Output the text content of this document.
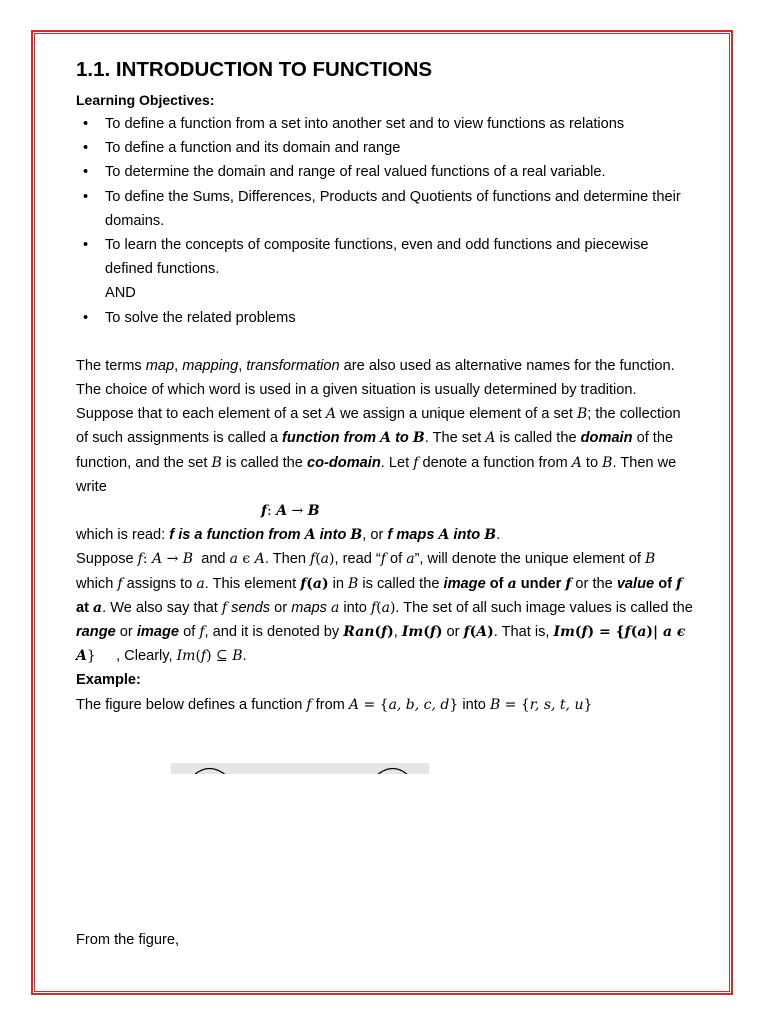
1.1. INTRODUCTION TO FUNCTIONS
Learning Objectives:
• To define a function from a set into another set and to view functions as relations
• To define a function and its domain and range
• To determine the domain and range of real valued functions of a real variable.
• To define the Sums, Differences, Products and Quotients of functions and determine their domains.
• To learn the concepts of composite functions, even and odd functions and piecewise defined functions.
AND
• To solve the related problems

The terms map, mapping, transformation are also used as alternative names for the function. The choice of which word is used in a given situation is usually determined by tradition.

Suppose that to each element of a set A we assign a unique element of a set B; the collection of such assignments is called a function from A to B. The set A is called the domain of the function, and the set B is called the co-domain. Let f denote a function from A to B. Then we write

f: A → B

which is read: f is a function from A into B, or f maps A into B.

Suppose f: A → B  and a ϵ A. Then f(a), read “f of a”, will denote the unique element of B which f assigns to a. This element f(a) in B is called the image of a under f or the value of f at a. We also say that f sends or maps a into f(a). The set of all such image values is called the range or image of f, and it is denoted by Ran(f), Im(f) or f(A). That is, Im(f) = {f(a)| a ϵ A}     , Clearly, Im(f) ⊆ B.

Example:

The figure below defines a function f from A = {a, b, c, d} into B = {r, s, t, u}

From the figure,
